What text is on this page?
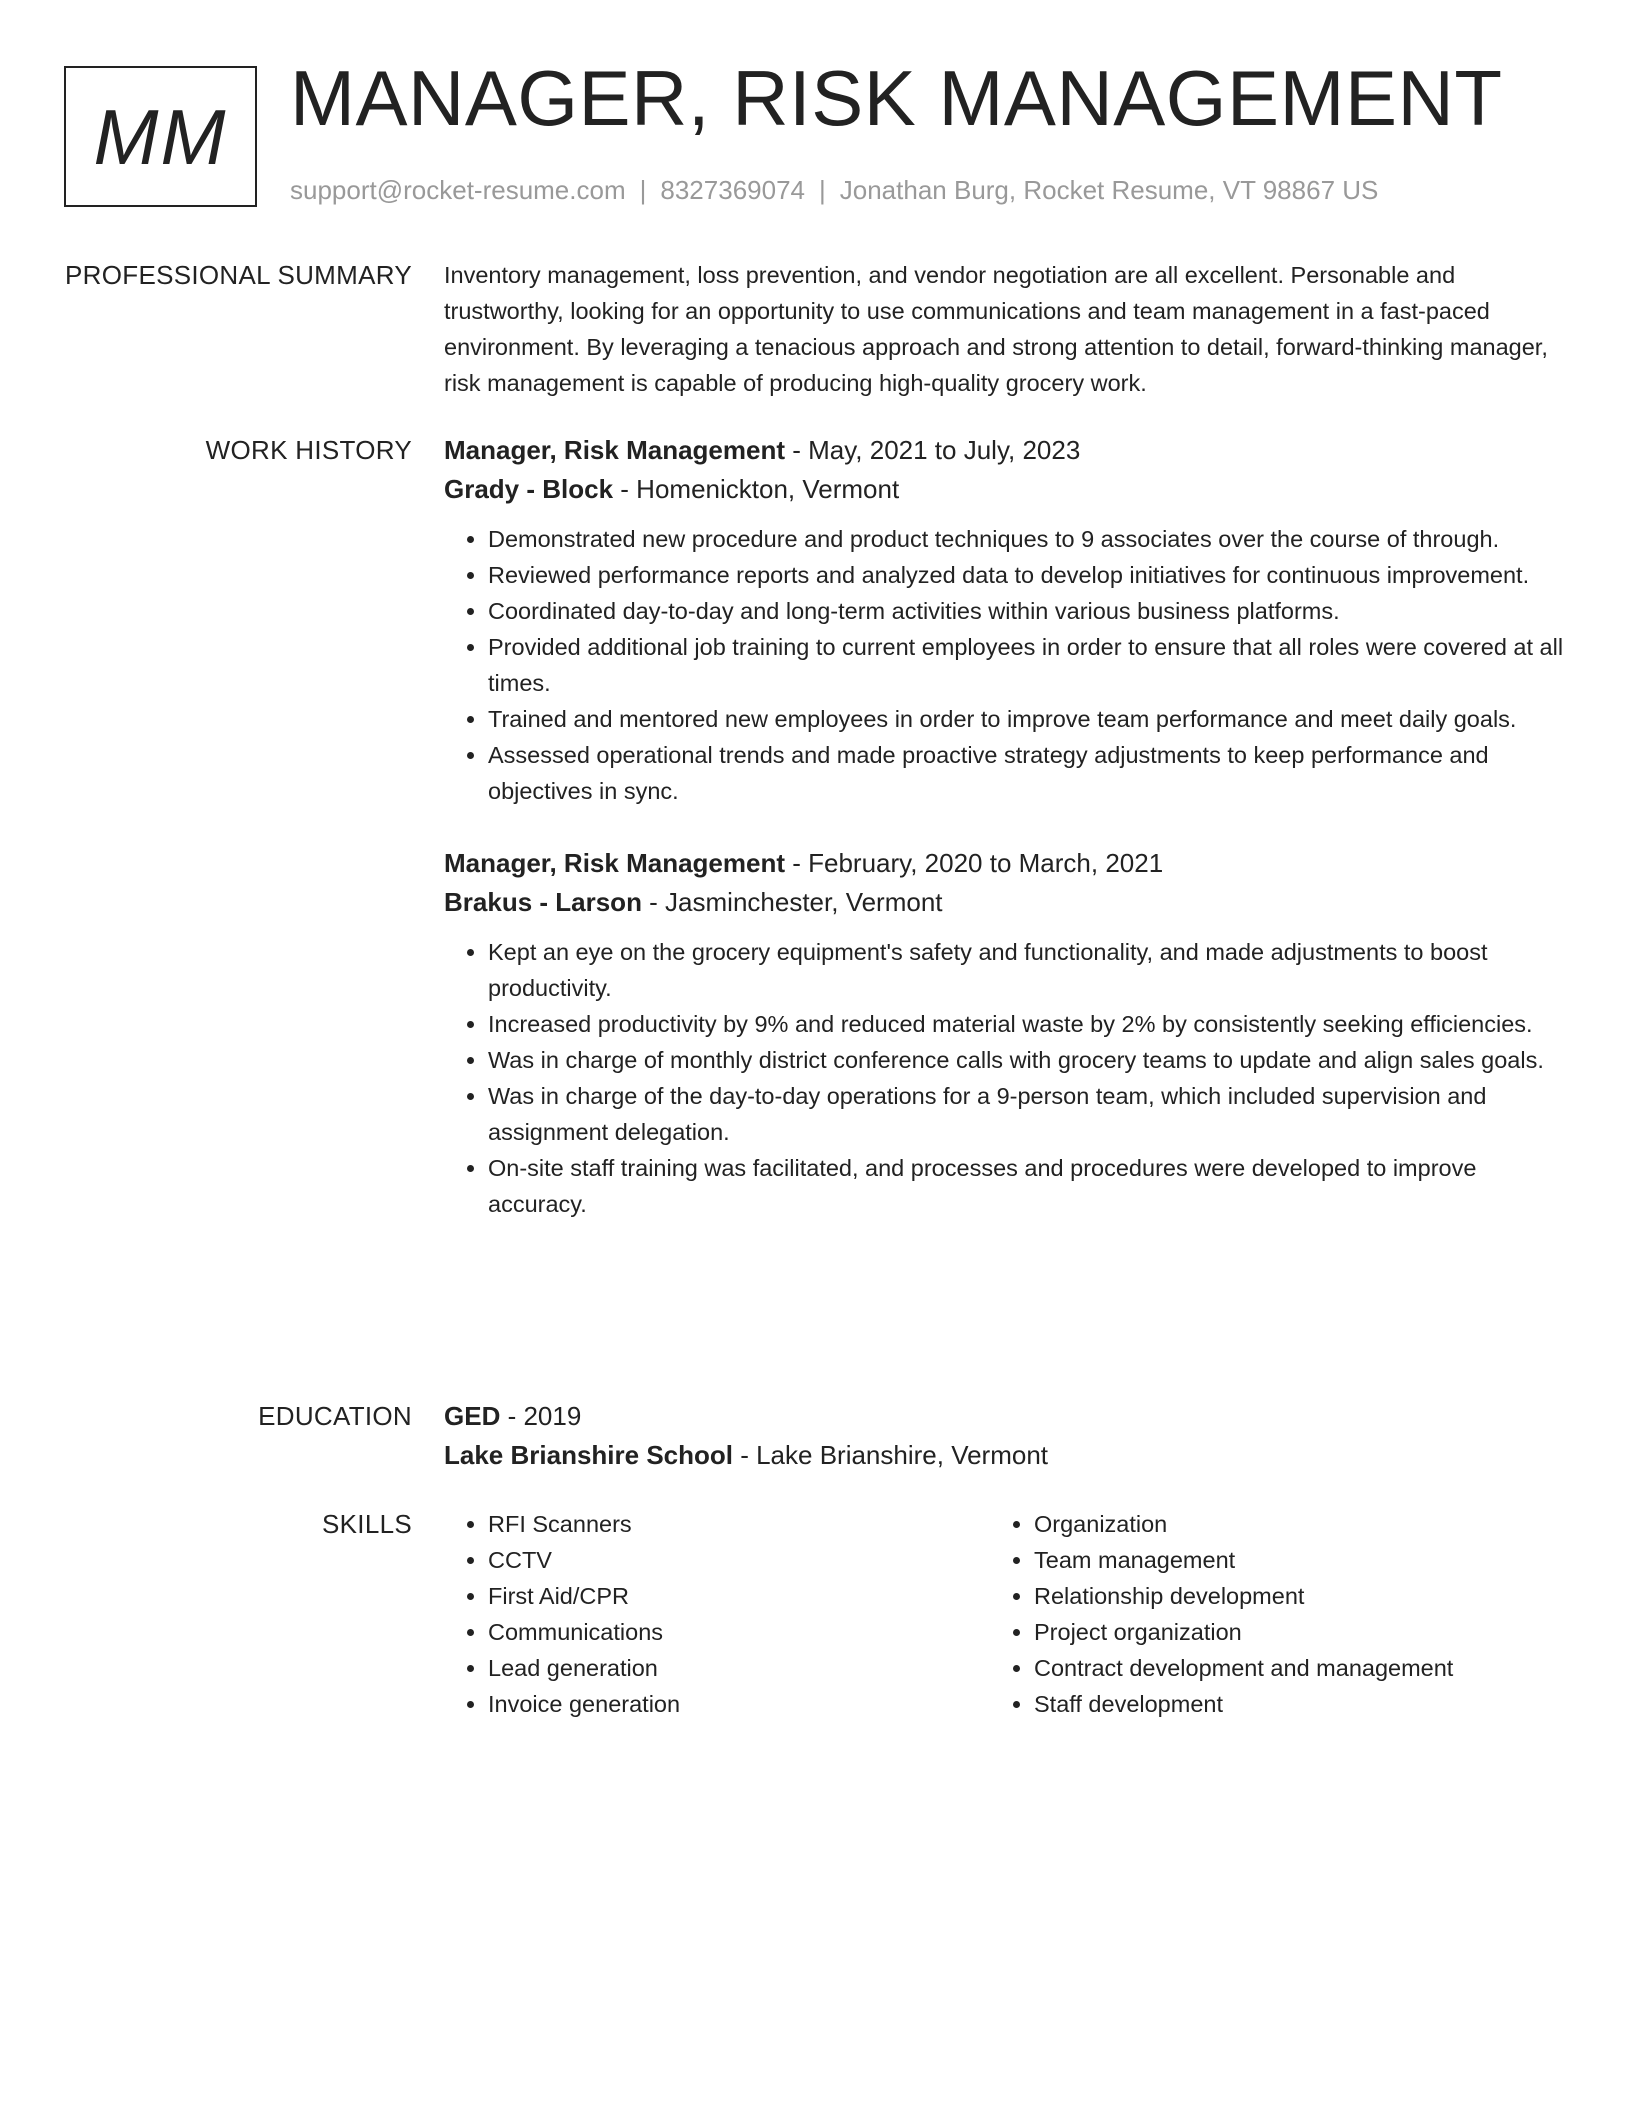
MM MANAGER, RISK MANAGEMENT
support@rocket-resume.com | 8327369074 | Jonathan Burg, Rocket Resume, VT 98867 US
PROFESSIONAL SUMMARY Inventory management, loss prevention, and vendor negotiation are all excellent. Personable and trustworthy, looking for an opportunity to use communications and team management in a fast-paced environment. By leveraging a tenacious approach and strong attention to detail, forward-thinking manager, risk management is capable of producing high-quality grocery work.

WORK HISTORY Manager, Risk Management - May, 2021 to July, 2023
Grady - Block - Homenickton, Vermont
• Demonstrated new procedure and product techniques to 9 associates over the course of through.
• Reviewed performance reports and analyzed data to develop initiatives for continuous improvement.
• Coordinated day-to-day and long-term activities within various business platforms.
• Provided additional job training to current employees in order to ensure that all roles were covered at all times.
• Trained and mentored new employees in order to improve team performance and meet daily goals.
• Assessed operational trends and made proactive strategy adjustments to keep performance and objectives in sync.
Manager, Risk Management - February, 2020 to March, 2021
Brakus - Larson - Jasminchester, Vermont
• Kept an eye on the grocery equipment's safety and functionality, and made adjustments to boost productivity.
• Increased productivity by 9% and reduced material waste by 2% by consistently seeking efficiencies.
• Was in charge of monthly district conference calls with grocery teams to update and align sales goals.
• Was in charge of the day-to-day operations for a 9-person team, which included supervision and assignment delegation.
• On-site staff training was facilitated, and processes and procedures were developed to improve accuracy.
EDUCATION GED - 2019
Lake Brianshire School - Lake Brianshire, Vermont
SKILLS
•	RFI Scanners
• CCTV
• First Aid/CPR
• Communications
• Lead generation
• Invoice generation
• Organization
• Team management
• Relationship development
• Project organization
• Contract development and management
• Staff development
